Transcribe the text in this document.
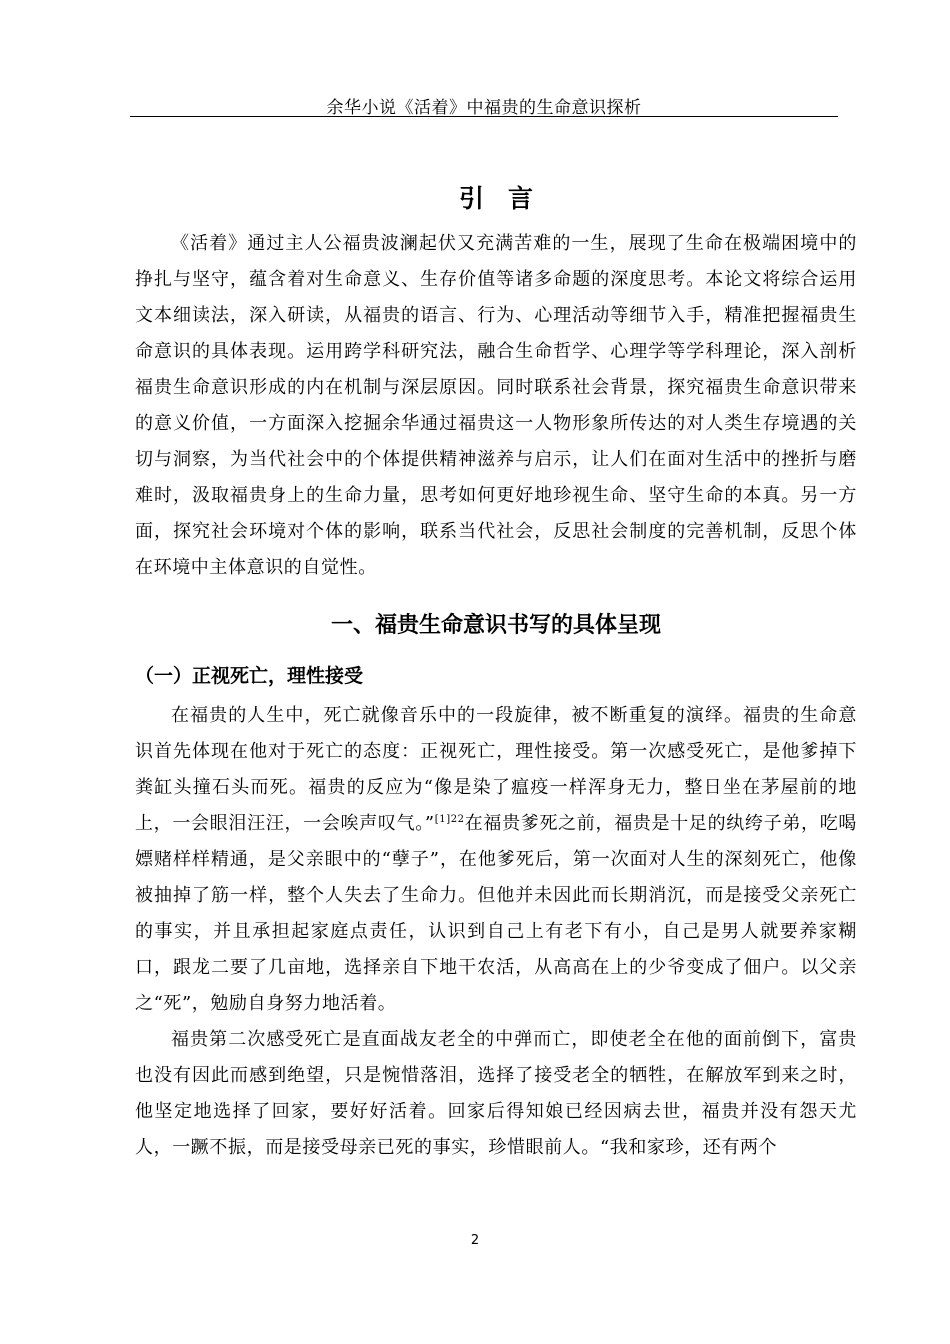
余华小说《活着》中福贵的生命意识探析
引言

《活着》通过主人公福贵波澜起伏又充满苦难的一生，展现了生命在极端困境中的挣扎与坚守，蕴含着对生命意义、生存价值等诸多命题的深度思考。本论文将综合运用文本细读法，深入研读，从福贵的语言、行为、心理活动等细节入手，精准把握福贵生命意识的具体表现。运用跨学科研究法，融合生命哲学、心理学等学科理论，深入剖析福贵生命意识形成的内在机制与深层原因。同时联系社会背景，探究福贵生命意识带来的意义价值，一方面深入挖掘余华通过福贵这一人物形象所传达的对人类生存境遇的关切与洞察，为当代社会中的个体提供精神滋养与启示，让人们在面对生活中的挫折与磨难时，汲取福贵身上的生命力量，思考如何更好地珍视生命、坚守生命的本真。另一方面，探究社会环境对个体的影响，联系当代社会，反思社会制度的完善机制，反思个体在环境中主体意识的自觉性。

一、福贵生命意识书写的具体呈现
（一）正视死亡，理性接受

在福贵的人生中，死亡就像音乐中的一段旋律，被不断重复的演绎。福贵的生命意识首先体现在他对于死亡的态度：正视死亡，理性接受。第一次感受死亡，是他爹掉下粪缸头撞石头而死。福贵的反应为“像是染了瘟疫一样浑身无力，整日坐在茅屋前的地上，一会眼泪汪汪，一会唉声叹气。”$^{[1]22}$在福贵爹死之前，福贵是十足的纨绔子弟，吃喝嫖赌样样精通，是父亲眼中的“孽子”，在他爹死后，第一次面对人生的深刻死亡，他像被抽掉了筋一样，整个人失去了生命力。但他并未因此而长期消沉，而是接受父亲死亡的事实，并且承担起家庭点责任，认识到自己上有老下有小，自己是男人就要养家糊口，跟龙二要了几亩地，选择亲自下地干农活，从高高在上的少爷变成了佃户。以父亲之“死”，勉励自身努力地活着。

福贵第二次感受死亡是直面战友老全的中弹而亡，即使老全在他的面前倒下，富贵也没有因此而感到绝望，只是惋惜落泪，选择了接受老全的牺牲，在解放军到来之时，他坚定地选择了回家，要好好活着。回家后得知娘已经因病去世，福贵并没有怨天尤人，一蹶不振，而是接受母亲已死的事实，珍惜眼前人。“我和家珍，还有两个

2
